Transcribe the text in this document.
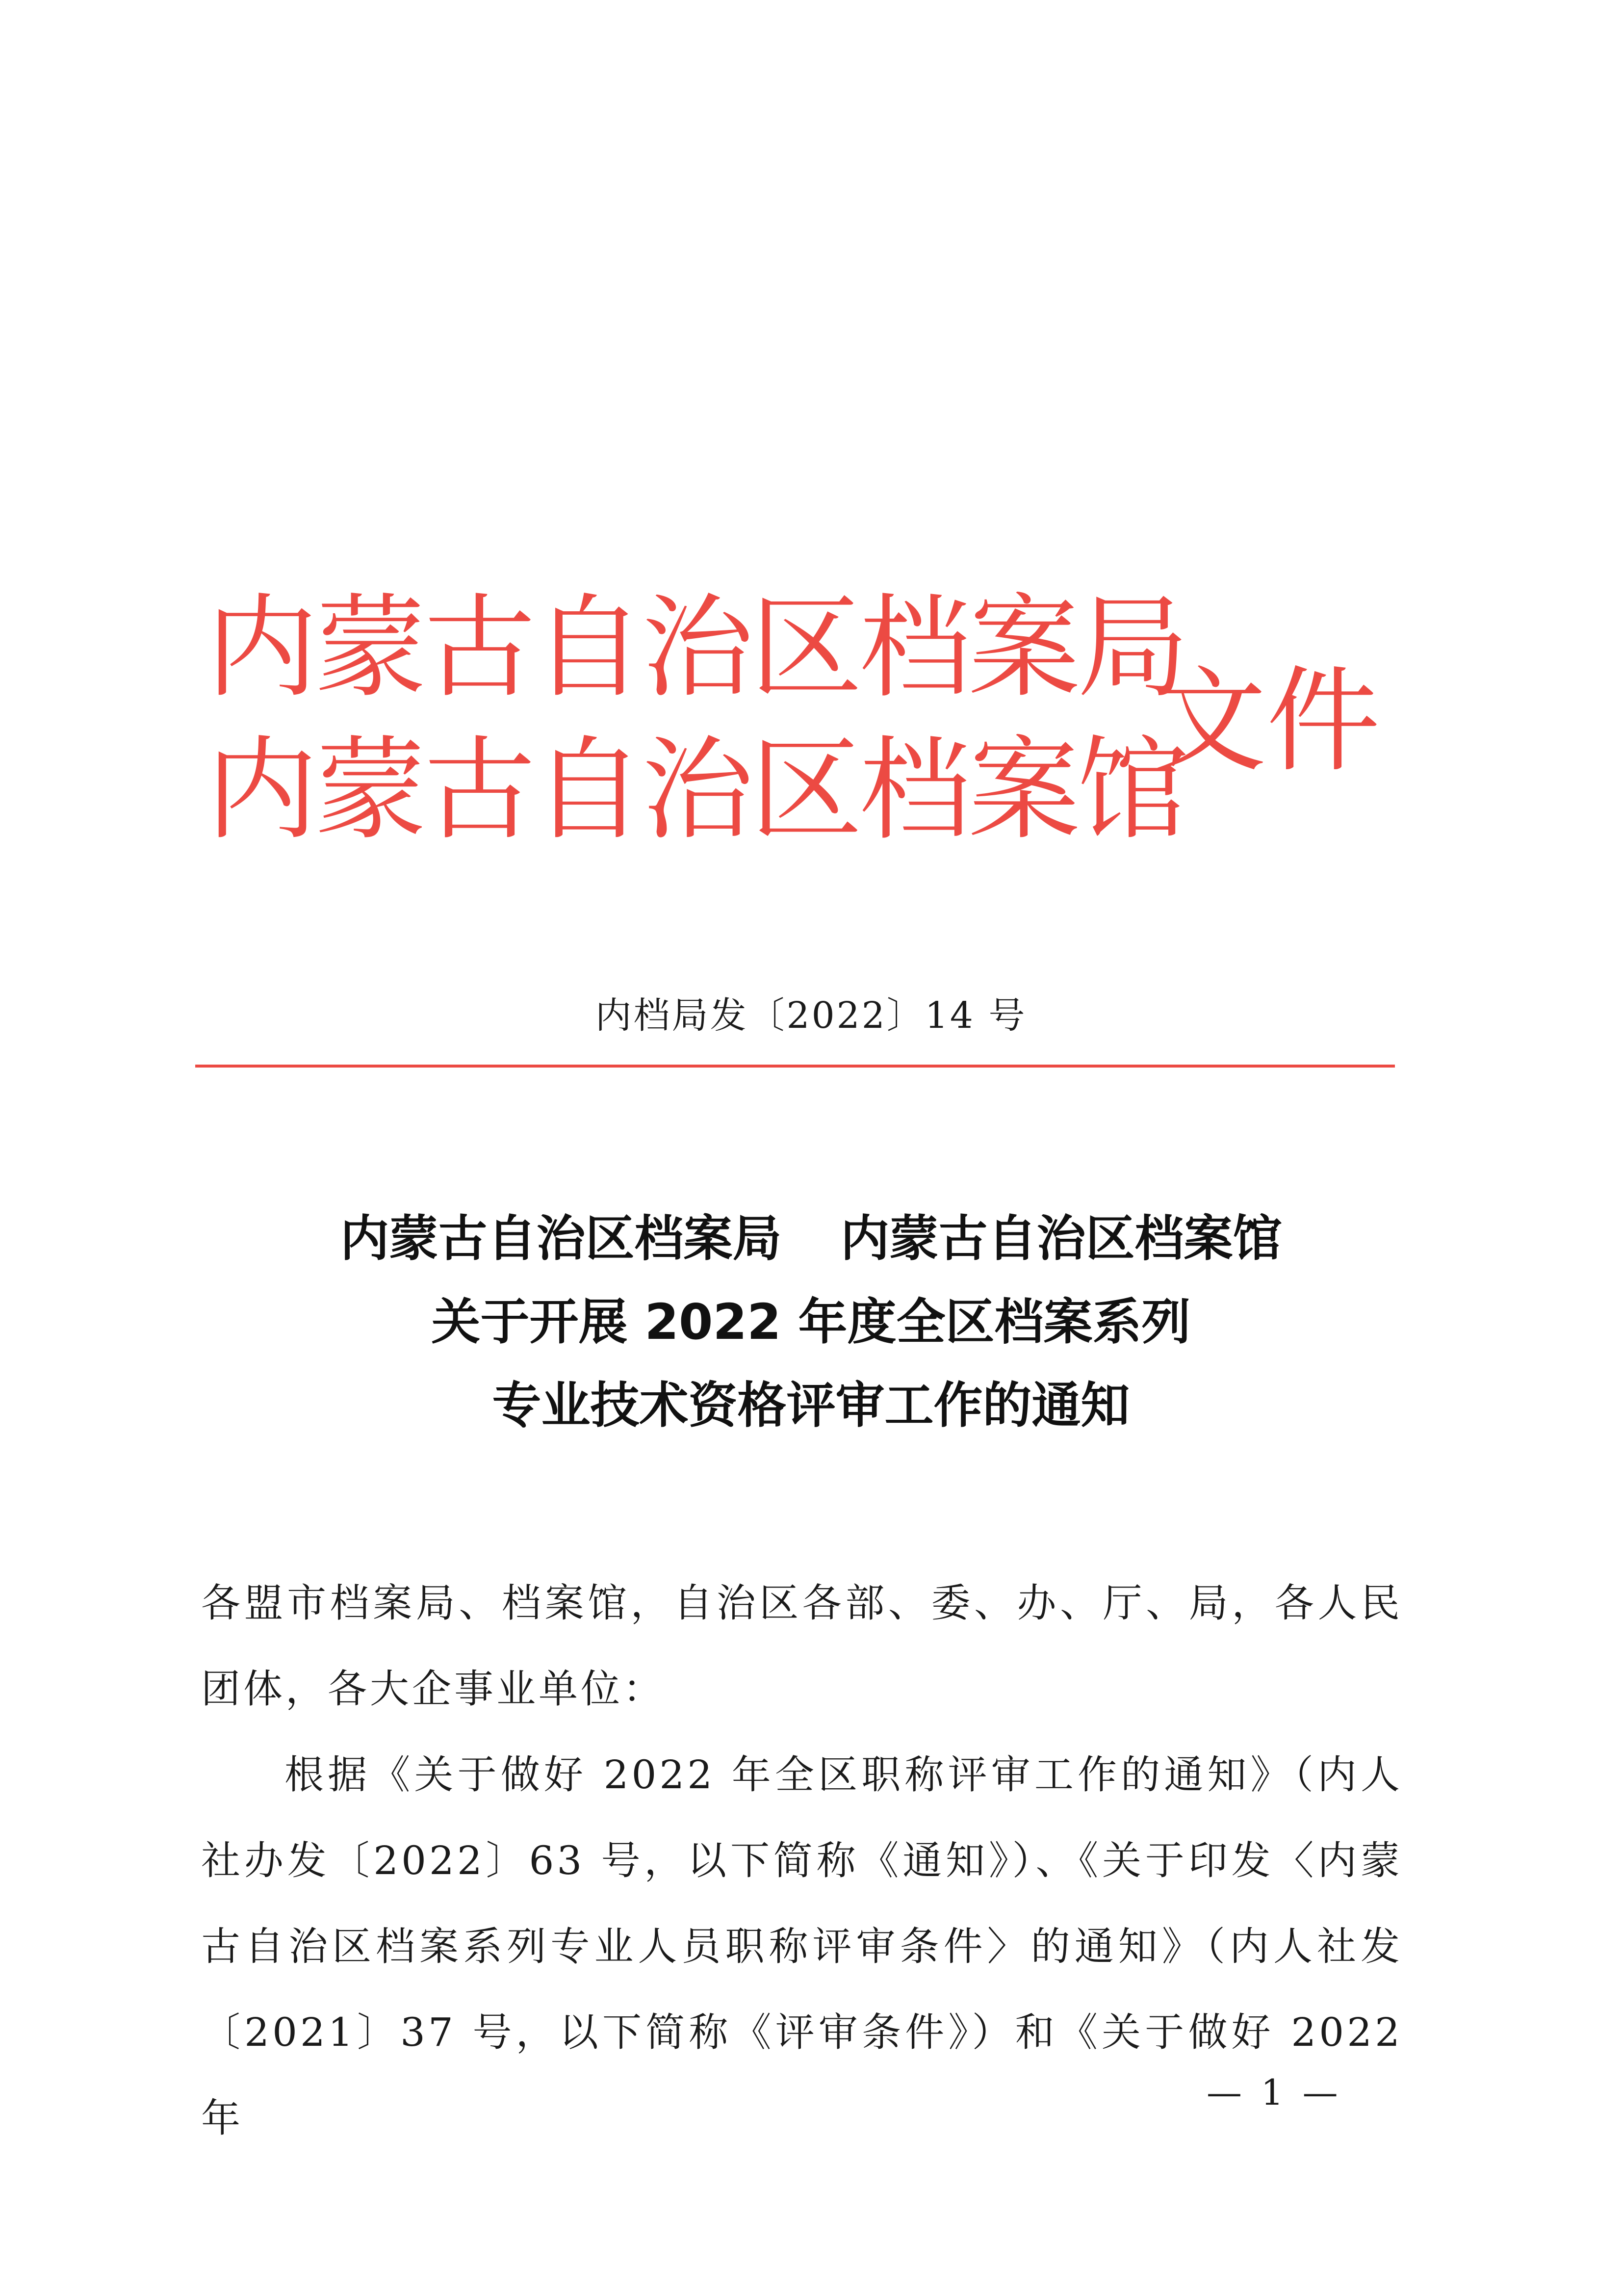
内蒙古自治区档案局
内蒙古自治区档案馆
文件
内档局发〔2022〕14 号
内蒙古自治区档案局 内蒙古自治区档案馆
关于开展 2022 年度全区档案系列
专业技术资格评审工作的通知

各盟市档案局、档案馆，自治区各部、委、办、厅、局，各人民团体，各大企事业单位：

根据《关于做好 2022 年全区职称评审工作的通知》（内人社办发〔2022〕63 号，以下简称《通知》）、《关于印发〈内蒙古自治区档案系列专业人员职称评审条件〉的通知》（内人社发〔2021〕37 号，以下简称《评审条件》）和《关于做好 2022 年

— 1 —
